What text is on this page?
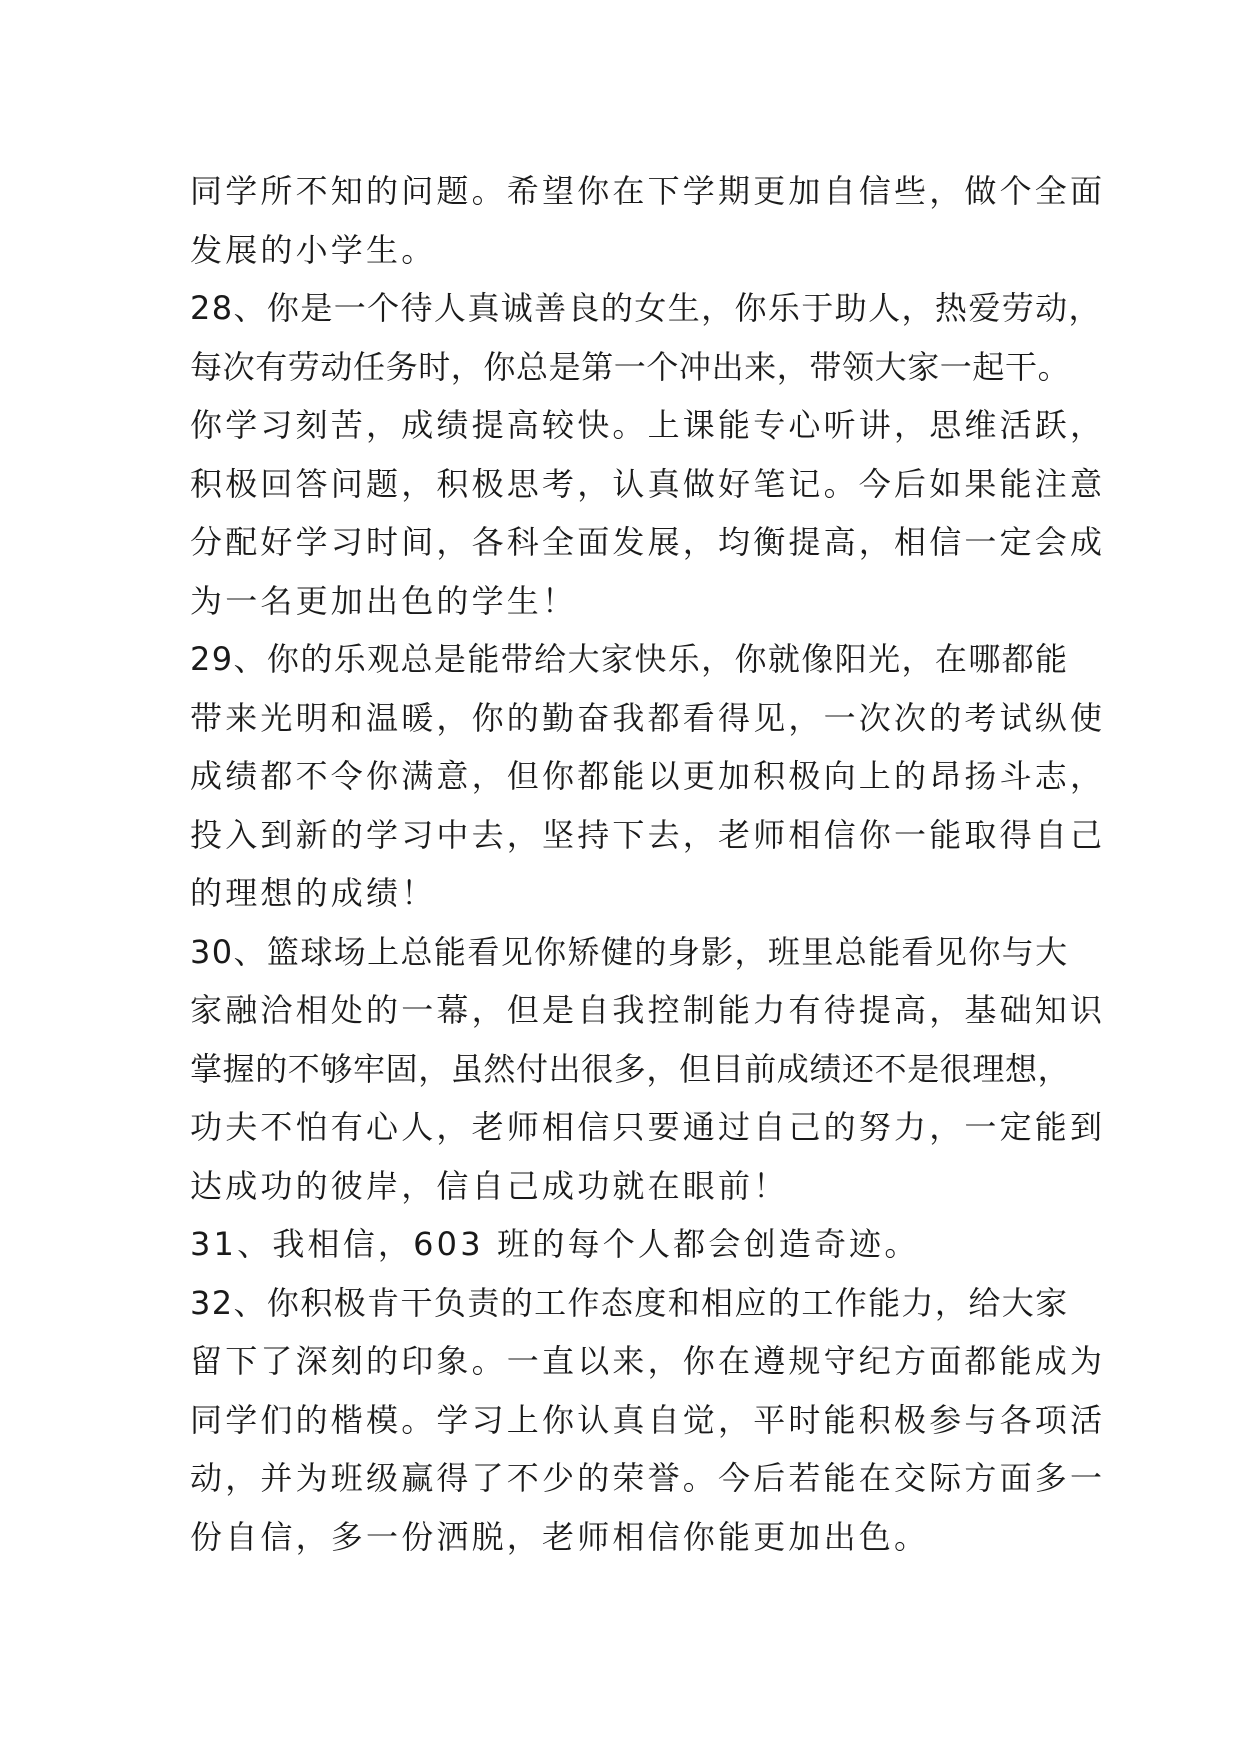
同学所不知的问题。希望你在下学期更加自信些，做个全面
发展的小学生。
28、你是一个待人真诚善良的女生，你乐于助人，热爱劳动，
每次有劳动任务时，你总是第一个冲出来，带领大家一起干。
你学习刻苦，成绩提高较快。上课能专心听讲，思维活跃，
积极回答问题，积极思考，认真做好笔记。今后如果能注意
分配好学习时间，各科全面发展，均衡提高，相信一定会成
为一名更加出色的学生！
29、你的乐观总是能带给大家快乐，你就像阳光，在哪都能
带来光明和温暖，你的勤奋我都看得见，一次次的考试纵使
成绩都不令你满意，但你都能以更加积极向上的昂扬斗志，
投入到新的学习中去，坚持下去，老师相信你一能取得自己
的理想的成绩！
30、篮球场上总能看见你矫健的身影，班里总能看见你与大
家融洽相处的一幕，但是自我控制能力有待提高，基础知识
掌握的不够牢固，虽然付出很多，但目前成绩还不是很理想，
功夫不怕有心人，老师相信只要通过自己的努力，一定能到
达成功的彼岸，信自己成功就在眼前！
31、我相信，603 班的每个人都会创造奇迹。
32、你积极肯干负责的工作态度和相应的工作能力，给大家
留下了深刻的印象。一直以来，你在遵规守纪方面都能成为
同学们的楷模。学习上你认真自觉，平时能积极参与各项活
动，并为班级赢得了不少的荣誉。今后若能在交际方面多一
份自信，多一份洒脱，老师相信你能更加出色。
